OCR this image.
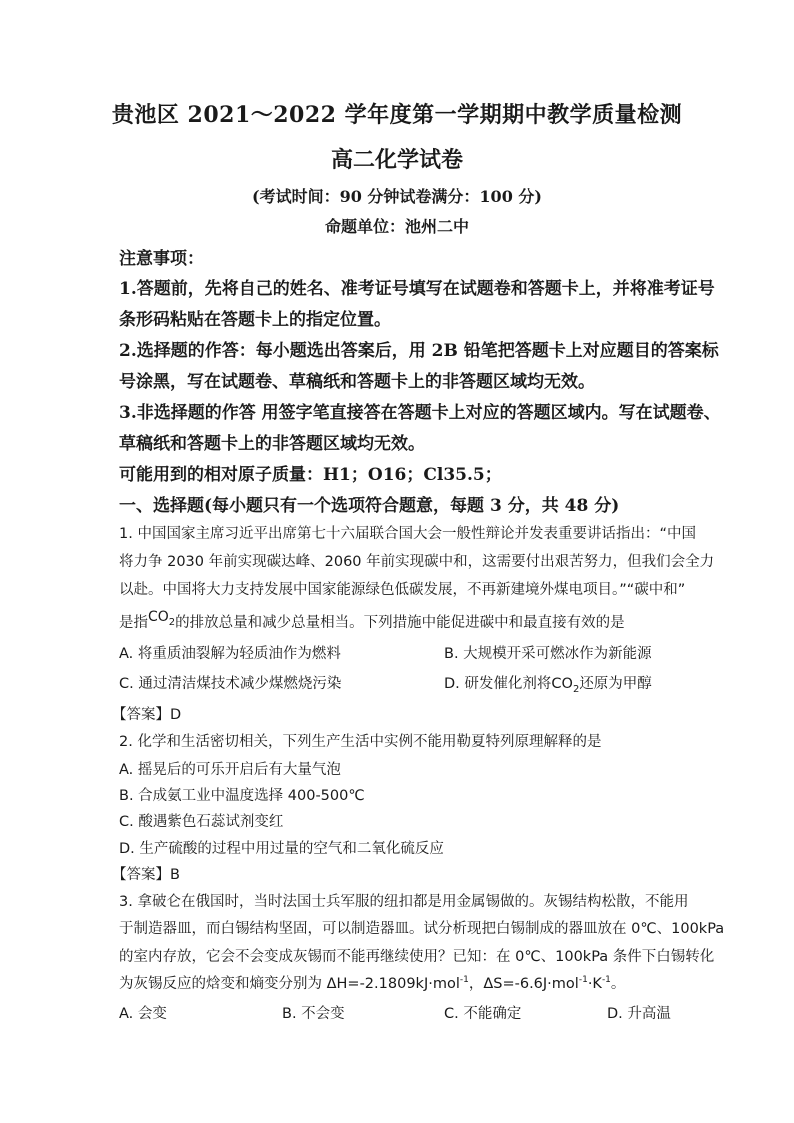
贵池区 2021～2022 学年度第一学期期中教学质量检测
高二化学试卷
(考试时间：90 分钟试卷满分：100 分)
命题单位：池州二中
注意事项：
1.答题前，先将自己的姓名、准考证号填写在试题卷和答题卡上，并将准考证号
条形码粘贴在答题卡上的指定位置。
2.选择题的作答：每小题选出答案后，用 2B 铅笔把答题卡上对应题目的答案标
号涂黑，写在试题卷、草稿纸和答题卡上的非答题区域均无效。
3.非选择题的作答 用签字笔直接答在答题卡上对应的答题区域内。写在试题卷、
草稿纸和答题卡上的非答题区域均无效。
可能用到的相对原子质量：H1；O16；Cl35.5；
一、选择题(每小题只有一个选项符合题意，每题 3 分，共 48 分)
1. 中国国家主席习近平出席第七十六届联合国大会一般性辩论并发表重要讲话指出：“中国
将力争 2030 年前实现碳达峰、2060 年前实现碳中和，这需要付出艰苦努力，但我们会全力
以赴。中国将大力支持发展中国家能源绿色低碳发展，不再新建境外煤电项目。”“碳中和”
是指$CO_2$的排放总量和减少总量相当。下列措施中能促进碳中和最直接有效的是
A. 将重质油裂解为轻质油作为燃料	B. 大规模开采可燃冰作为新能源
C. 通过清洁煤技术减少煤燃烧污染	D. 研发催化剂将$CO_2$还原为甲醇
【答案】D
2. 化学和生活密切相关，下列生产生活中实例不能用勒夏特列原理解释的是
A. 摇晃后的可乐开启后有大量气泡
B. 合成氨工业中温度选择 400-500℃
C. 酸遇紫色石蕊试剂变红
D. 生产硫酸的过程中用过量的空气和二氧化硫反应
【答案】B
3. 拿破仑在俄国时，当时法国士兵军服的纽扣都是用金属锡做的。灰锡结构松散，不能用
于制造器皿，而白锡结构坚固，可以制造器皿。试分析现把白锡制成的器皿放在 0℃、100kPa
的室内存放，它会不会变成灰锡而不能再继续使用？已知：在 0℃、100kPa 条件下白锡转化
为灰锡反应的焓变和熵变分别为 ΔH=-2.1809kJ·mol$^{-1}$，$\Delta S=-6.6J\cdot mol^{-1}\cdot K^{-1}$。
A. 会变	B. 不会变	C. 不能确定	D. 升高温
